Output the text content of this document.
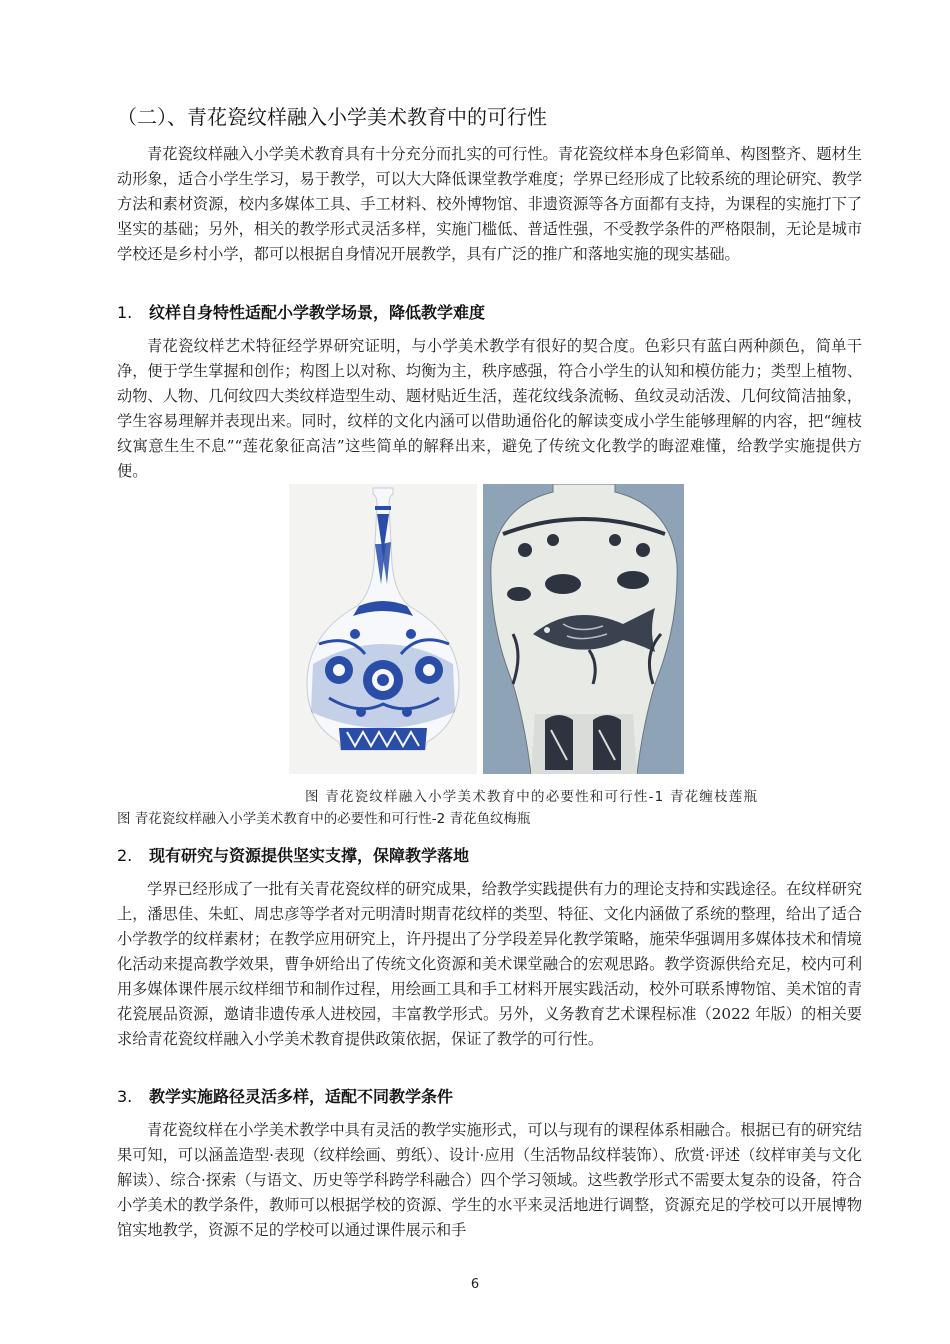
（二）、青花瓷纹样融入小学美术教育中的可行性

青花瓷纹样融入小学美术教育具有十分充分而扎实的可行性。青花瓷纹样本身色彩简单、构图整齐、题材生动形象，适合小学生学习，易于教学，可以大大降低课堂教学难度；学界已经形成了比较系统的理论研究、教学方法和素材资源，校内多媒体工具、手工材料、校外博物馆、非遗资源等各方面都有支持，为课程的实施打下了坚实的基础；另外，相关的教学形式灵活多样，实施门槛低、普适性强，不受教学条件的严格限制，无论是城市学校还是乡村小学，都可以根据自身情况开展教学，具有广泛的推广和落地实施的现实基础。

1. 纹样自身特性适配小学教学场景，降低教学难度

青花瓷纹样艺术特征经学界研究证明，与小学美术教学有很好的契合度。色彩只有蓝白两种颜色，简单干净，便于学生掌握和创作；构图上以对称、均衡为主，秩序感强，符合小学生的认知和模仿能力；类型上植物、动物、人物、几何纹四大类纹样造型生动、题材贴近生活，莲花纹线条流畅、鱼纹灵动活泼、几何纹简洁抽象，学生容易理解并表现出来。同时，纹样的文化内涵可以借助通俗化的解读变成小学生能够理解的内容，把“缠枝纹寓意生生不息”“莲花象征高洁”这些简单的解释出来，避免了传统文化教学的晦涩难懂，给教学实施提供方便。

图 青花瓷纹样融入小学美术教育中的必要性和可行性-1 青花缠枝莲瓶
图 青花瓷纹样融入小学美术教育中的必要性和可行性-2 青花鱼纹梅瓶
2. 现有研究与资源提供坚实支撑，保障教学落地

学界已经形成了一批有关青花瓷纹样的研究成果，给教学实践提供有力的理论支持和实践途径。在纹样研究上，潘思佳、朱虹、周忠彦等学者对元明清时期青花纹样的类型、特征、文化内涵做了系统的整理，给出了适合小学教学的纹样素材；在教学应用研究上，许丹提出了分学段差异化教学策略，施荣华强调用多媒体技术和情境化活动来提高教学效果，曹争妍给出了传统文化资源和美术课堂融合的宏观思路。教学资源供给充足，校内可利用多媒体课件展示纹样细节和制作过程，用绘画工具和手工材料开展实践活动，校外可联系博物馆、美术馆的青花瓷展品资源，邀请非遗传承人进校园，丰富教学形式。另外，义务教育艺术课程标准（2022 年版）的相关要求给青花瓷纹样融入小学美术教育提供政策依据，保证了教学的可行性。

3. 教学实施路径灵活多样，适配不同教学条件

青花瓷纹样在小学美术教学中具有灵活的教学实施形式，可以与现有的课程体系相融合。根据已有的研究结果可知，可以涵盖造型·表现（纹样绘画、剪纸）、设计·应用（生活物品纹样装饰）、欣赏·评述（纹样审美与文化解读）、综合·探索（与语文、历史等学科跨学科融合）四个学习领域。这些教学形式不需要太复杂的设备，符合小学美术的教学条件，教师可以根据学校的资源、学生的水平来灵活地进行调整，资源充足的学校可以开展博物馆实地教学，资源不足的学校可以通过课件展示和手

6
